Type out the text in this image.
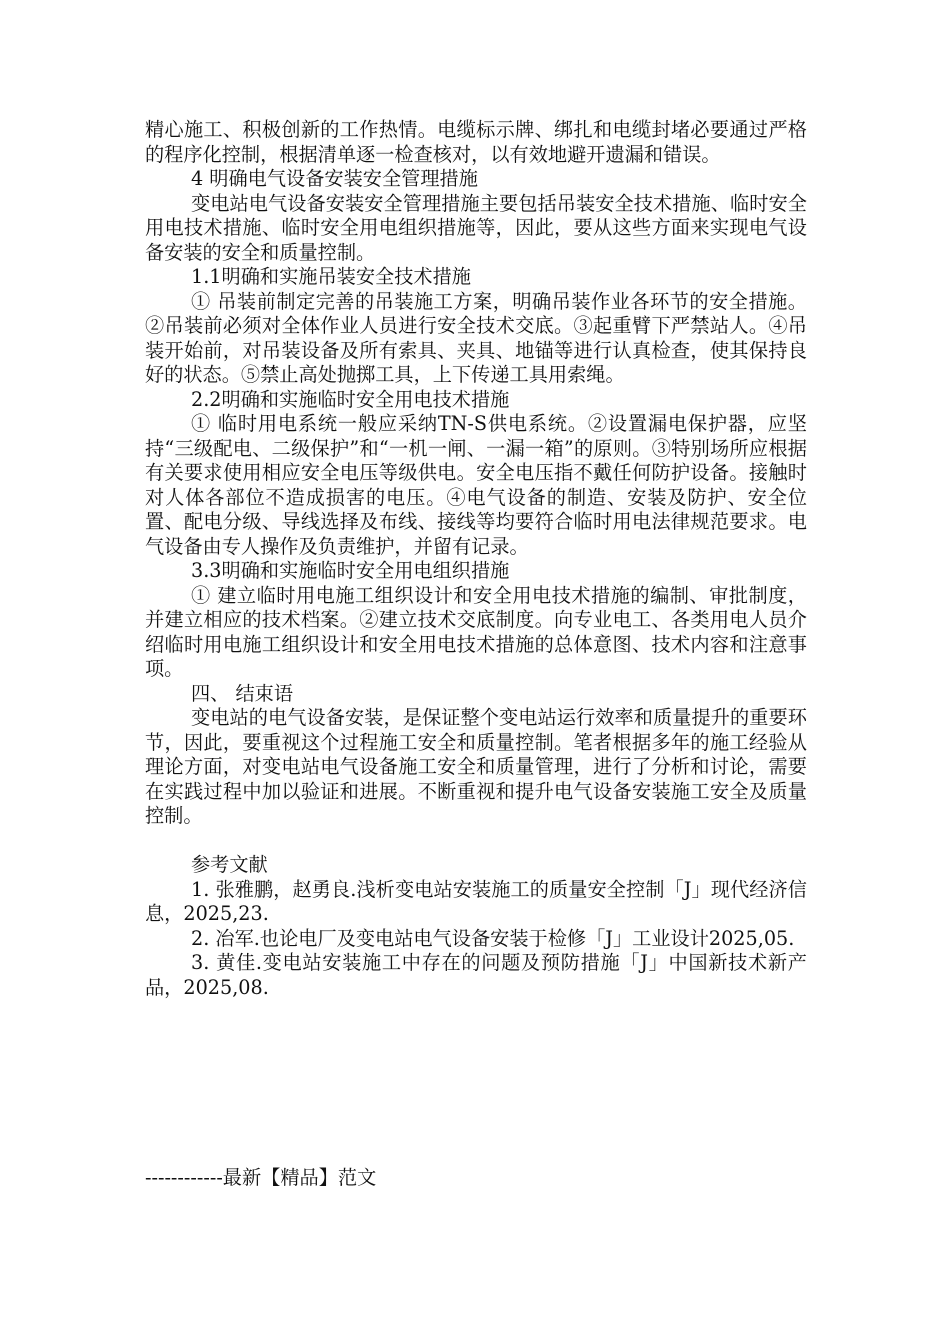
精心施工、积极创新的工作热情。电缆标示牌、绑扎和电缆封堵必要通过严格的程序化控制，根据清单逐一检查核对，以有效地避开遗漏和错误。

4 明确电气设备安装安全管理措施

变电站电气设备安装安全管理措施主要包括吊装安全技术措施、临时安全用电技术措施、临时安全用电组织措施等，因此，要从这些方面来实现电气设备安装的安全和质量控制。

1.1明确和实施吊装安全技术措施

① 吊装前制定完善的吊装施工方案，明确吊装作业各环节的安全措施。②吊装前必须对全体作业人员进行安全技术交底。③起重臂下严禁站人。④吊装开始前，对吊装设备及所有索具、夹具、地锚等进行认真检查，使其保持良好的状态。⑤禁止高处抛掷工具，上下传递工具用索绳。

2.2明确和实施临时安全用电技术措施

① 临时用电系统一般应采纳TN-S供电系统。②设置漏电保护器，应坚持“三级配电、二级保护”和“一机一闸、一漏一箱”的原则。③特别场所应根据有关要求使用相应安全电压等级供电。安全电压指不戴任何防护设备。接触时对人体各部位不造成损害的电压。④电气设备的制造、安装及防护、安全位置、配电分级、导线选择及布线、接线等均要符合临时用电法律规范要求。电气设备由专人操作及负责维护，并留有记录。

3.3明确和实施临时安全用电组织措施

① 建立临时用电施工组织设计和安全用电技术措施的编制、审批制度，并建立相应的技术档案。②建立技术交底制度。向专业电工、各类用电人员介绍临时用电施工组织设计和安全用电技术措施的总体意图、技术内容和注意事项。

四、 结束语

变电站的电气设备安装，是保证整个变电站运行效率和质量提升的重要环节，因此，要重视这个过程施工安全和质量控制。笔者根据多年的施工经验从理论方面，对变电站电气设备施工安全和质量管理，进行了分析和讨论，需要在实践过程中加以验证和进展。不断重视和提升电气设备安装施工安全及质量控制。

参考文献

1. 张雅鹏，赵勇良.浅析变电站安装施工的质量安全控制「J」现代经济信息，2025,23.

2. 冶军.也论电厂及变电站电气设备安装于检修「J」工业设计2025,05.

3. 黄佳.变电站安装施工中存在的问题及预防措施「J」中国新技术新产品，2025,08.

------------最新【精品】范文
